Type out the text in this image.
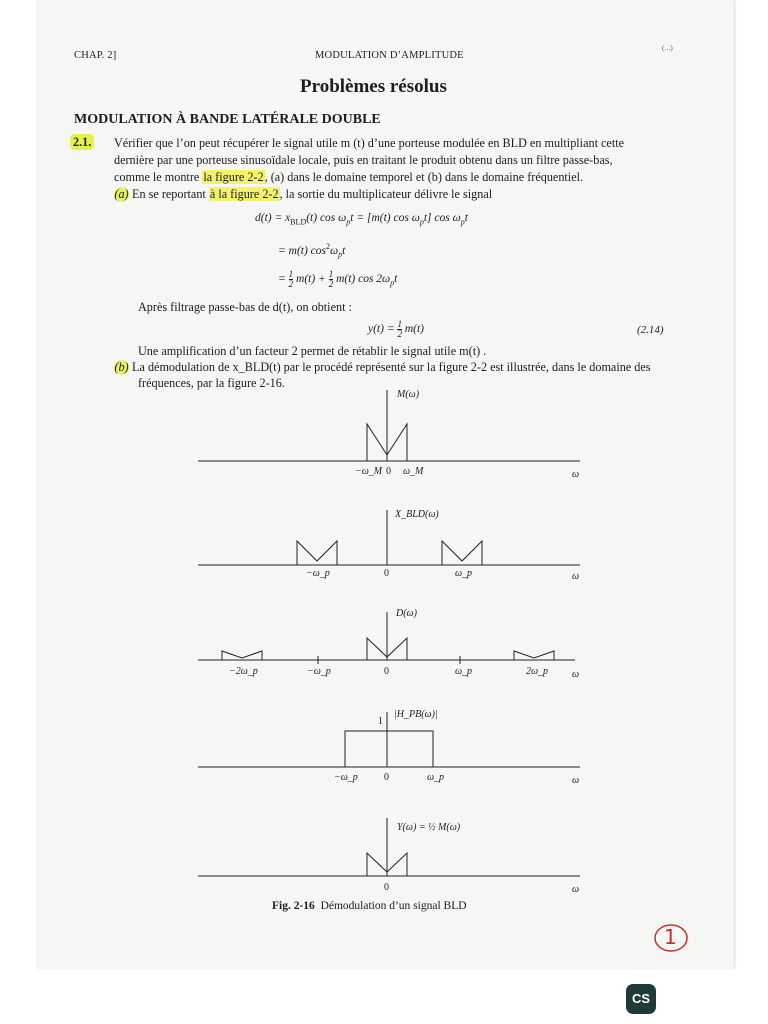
CHAP. 2]	MODULATION D’AMPLITUDE
(...)
Problèmes résolus
MODULATION À BANDE LATÉRALE DOUBLE
2.1. Vérifier que l’on peut récupérer le signal utile m (t) d’une porteuse modulée en BLD en multipliant cette
dernière par une porteuse sinusoïdale locale, puis en traitant le produit obtenu dans un filtre passe-bas,
comme le montre la figure 2-2, (a) dans le domaine temporel et (b) dans le domaine fréquentiel.
(a) En se reportant à la figure 2-2, la sortie du multiplicateur délivre le signal
$d(t) = x_{BLD}(t)$ $\cos \omega_pt = [m(t)$ $\cos \omega_pt$] $\cos \omega_pt$
= m(t) $\cos^2\omega_pt$
= $\frac{1}{2} m(t) + \frac{1}{2} m(t)$ $\cos 2\omega_pt$
Après filtrage passe-bas de d(t), on obtient :
$y(t) = \frac{1}{2} m(t)$	(2.14)
Une amplification d’un facteur 2 permet de rétablir le signal utile m(t) .
(b) La démodulation de x_BLD(t) par le procédé représenté sur la figure 2-2 est illustrée, dans le domaine des
fréquences, par la figure 2-16.
M(ω)
−ω_M 0 ω_M	ω
X_BLD(ω)
−ω_p	0	ω_p	ω
D(ω)
−2ω_p	−ω_p	0	ω_p	2ω_p ω
|H_PB(ω)|
1
−ω_p	0	ω_p	ω
Y(ω) = ½ M(ω)
0	ω
Fig. 2-16 Démodulation d’un signal BLD
1
CS
